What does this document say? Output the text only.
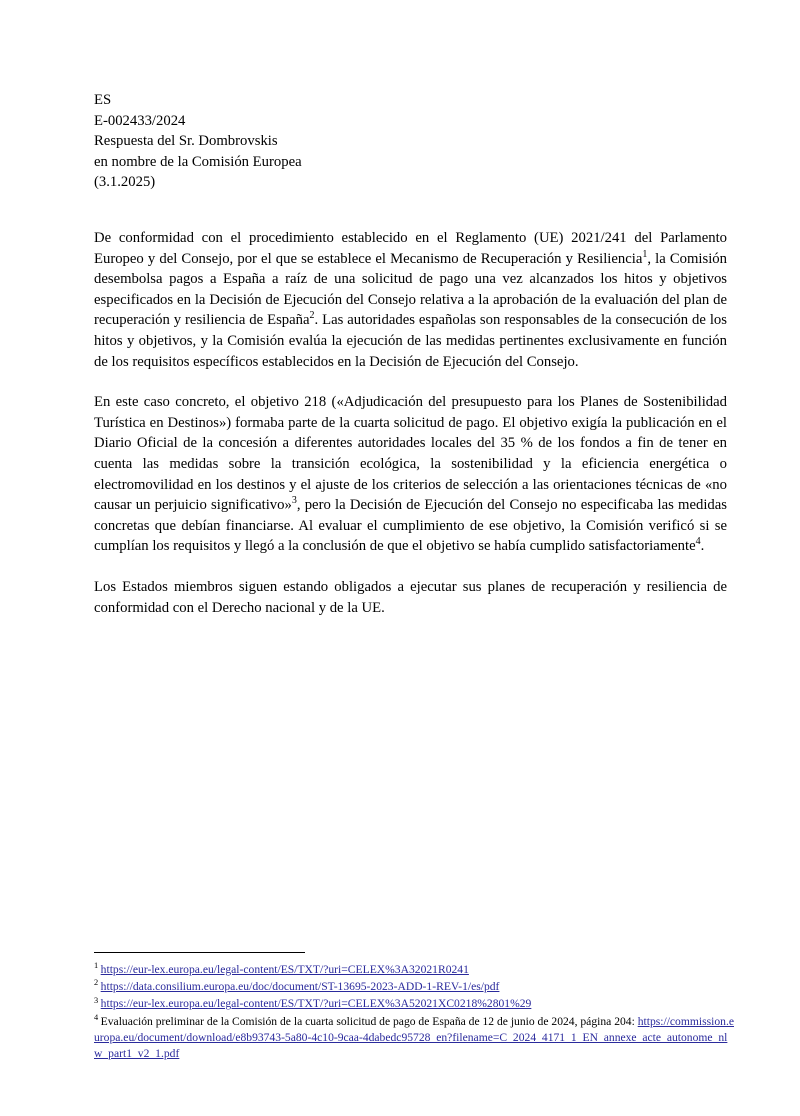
ES
E-002433/2024
Respuesta del Sr. Dombrovskis
en nombre de la Comisión Europea
(3.1.2025)

De conformidad con el procedimiento establecido en el Reglamento (UE) 2021/241 del Parlamento Europeo y del Consejo, por el que se establece el Mecanismo de Recuperación y Resiliencia$^1$, la Comisión desembolsa pagos a España a raíz de una solicitud de pago una vez alcanzados los hitos y objetivos especificados en la Decisión de Ejecución del Consejo relativa a la aprobación de la evaluación del plan de recuperación y resiliencia de España$^2$. Las autoridades españolas son responsables de la consecución de los hitos y objetivos, y la Comisión evalúa la ejecución de las medidas pertinentes exclusivamente en función de los requisitos específicos establecidos en la Decisión de Ejecución del Consejo.

En este caso concreto, el objetivo 218 («Adjudicación del presupuesto para los Planes de Sostenibilidad Turística en Destinos») formaba parte de la cuarta solicitud de pago. El objetivo exigía la publicación en el Diario Oficial de la concesión a diferentes autoridades locales del 35 % de los fondos a fin de tener en cuenta las medidas sobre la transición ecológica, la sostenibilidad y la eficiencia energética o electromovilidad en los destinos y el ajuste de los criterios de selección a las orientaciones técnicas de «no causar un perjuicio significativo»$^3$, pero la Decisión de Ejecución del Consejo no especificaba las medidas concretas que debían financiarse. Al evaluar el cumplimiento de ese objetivo, la Comisión verificó si se cumplían los requisitos y llegó a la conclusión de que el objetivo se había cumplido satisfactoriamente$^4$.

Los Estados miembros siguen estando obligados a ejecutar sus planes de recuperación y resiliencia de conformidad con el Derecho nacional y de la UE.

$^1$ https://eur-lex.europa.eu/legal-content/ES/TXT/?uri=CELEX%3A32021R0241

$^2$ https://data.consilium.europa.eu/doc/document/ST-13695-2023-ADD-1-REV-1/es/pdf

$^3$ https://eur-lex.europa.eu/legal-content/ES/TXT/?uri=CELEX%3A52021XC0218%2801%29

$^4$ Evaluación preliminar de la Comisión de la cuarta solicitud de pago de España de 12 de junio de 2024, página 204: https://commission.europa.eu/document/download/e8b93743-5a80-4c10-9caa-4dabedc95728_en?filename=C_2024_4171_1_EN_annexe_acte_autonome_nlw_part1_v2_1.pdf
